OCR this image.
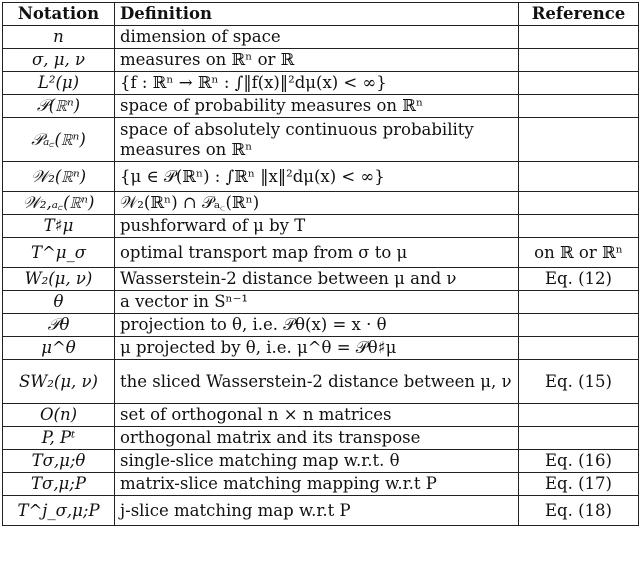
Notation	Definition	Reference
n	dimension of space	
σ, μ, ν	measures on ℝⁿ or ℝ	
L²(μ)	{f : ℝⁿ → ℝⁿ : ∫‖f(x)‖²dμ(x) < ∞}	
𝒫(ℝⁿ)	space of probability measures on ℝⁿ	
𝒫ₐ꜀(ℝⁿ)	space of absolutely continuous probability measures on ℝⁿ	
𝒲₂(ℝⁿ)	{μ ∈ 𝒫(ℝⁿ) : ∫ℝⁿ ‖x‖²dμ(x) < ∞}	
𝒲₂,ₐ꜀(ℝⁿ)	𝒲₂(ℝⁿ) ∩ 𝒫ₐ꜀(ℝⁿ)	
T♯μ	pushforward of μ by T	
T^μ_σ	optimal transport map from σ to μ	on ℝ or ℝⁿ
W₂(μ, ν)	Wasserstein-2 distance between μ and ν	Eq. (12)
θ	a vector in Sⁿ⁻¹	
𝒫θ	projection to θ, i.e. 𝒫θ(x) = x · θ	
μ^θ	μ projected by θ, i.e. μ^θ = 𝒫θ♯μ	
SW₂(μ, ν)	the sliced Wasserstein-2 distance between μ, ν	Eq. (15)
O(n)	set of orthogonal n × n matrices	
P, Pᵗ	orthogonal matrix and its transpose	
Tσ,μ;θ	single-slice matching map w.r.t. θ	Eq. (16)
Tσ,μ;P	matrix-slice matching mapping w.r.t P	Eq. (17)
T^j_σ,μ;P	j-slice matching map w.r.t P	Eq. (18)
